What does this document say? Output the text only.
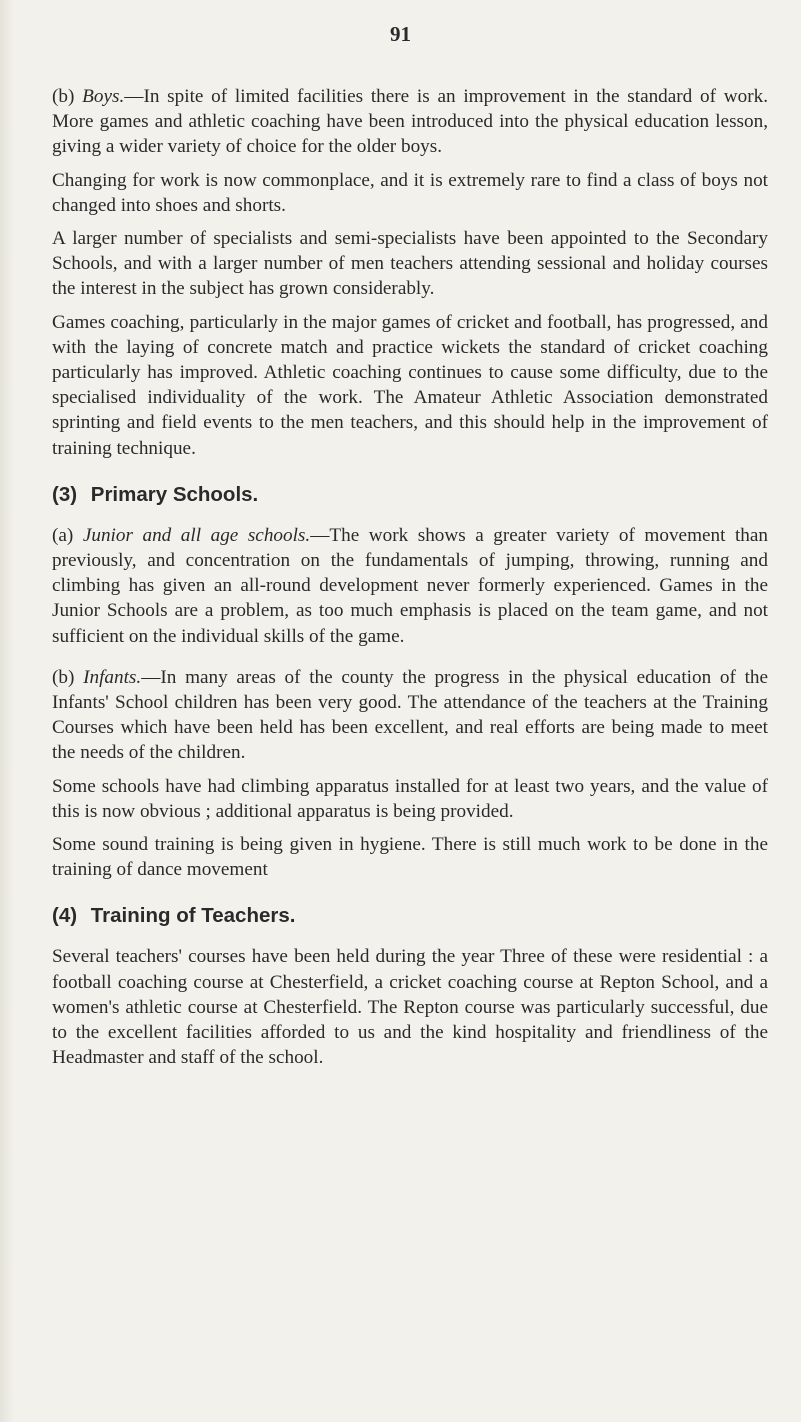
91

(b) Boys.—In spite of limited facilities there is an improvement in the standard of work. More games and athletic coaching have been introduced into the physical education lesson, giving a wider variety of choice for the older boys.

Changing for work is now commonplace, and it is extremely rare to find a class of boys not changed into shoes and shorts.

A larger number of specialists and semi-specialists have been appointed to the Secondary Schools, and with a larger number of men teachers attending sessional and holiday courses the interest in the subject has grown considerably.

Games coaching, particularly in the major games of cricket and football, has progressed, and with the laying of concrete match and practice wickets the standard of cricket coaching particularly has improved. Athletic coaching continues to cause some difficulty, due to the specialised individuality of the work. The Amateur Athletic Association demonstrated sprinting and field events to the men teachers, and this should help in the improvement of training technique.

(3) Primary Schools.

(a) Junior and all age schools.—The work shows a greater variety of movement than previously, and concentration on the fundamentals of jumping, throwing, running and climbing has given an all-round development never formerly experienced. Games in the Junior Schools are a problem, as too much emphasis is placed on the team game, and not sufficient on the individual skills of the game.

(b) Infants.—In many areas of the county the progress in the physical education of the Infants' School children has been very good. The attendance of the teachers at the Training Courses which have been held has been excellent, and real efforts are being made to meet the needs of the children.

Some schools have had climbing apparatus installed for at least two years, and the value of this is now obvious ; additional apparatus is being provided.

Some sound training is being given in hygiene. There is still much work to be done in the training of dance movement

(4) Training of Teachers.

Several teachers' courses have been held during the year Three of these were residential : a football coaching course at Chesterfield, a cricket coaching course at Repton School, and a women's athletic course at Chesterfield. The Repton course was particularly successful, due to the excellent facilities afforded to us and the kind hospitality and friendliness of the Headmaster and staff of the school.
